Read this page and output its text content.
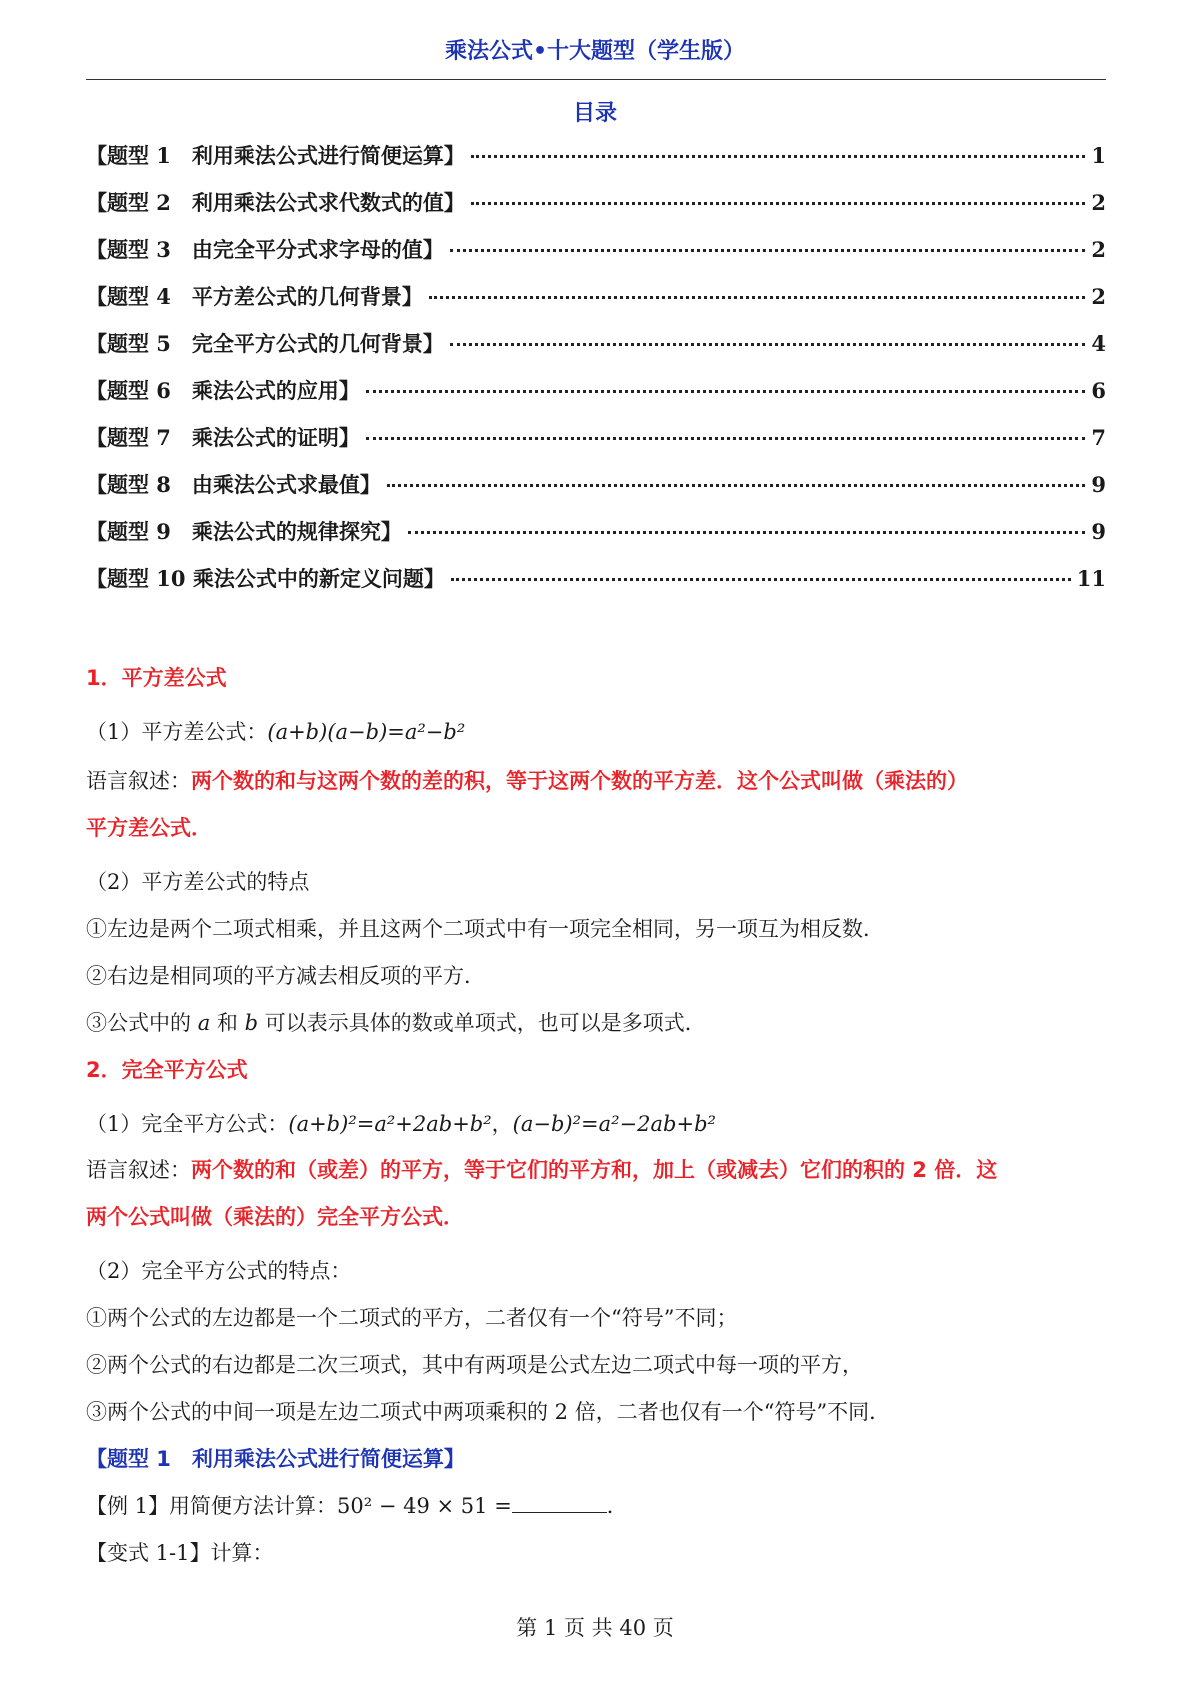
乘法公式•十大题型（学生版）
目录
【题型 1　利用乘法公式进行简便运算】	1
【题型 2　利用乘法公式求代数式的值】	2
【题型 3　由完全平分式求字母的值】	2
【题型 4　平方差公式的几何背景】	2
【题型 5　完全平方公式的几何背景】	4
【题型 6　乘法公式的应用】	6
【题型 7　乘法公式的证明】	7
【题型 8　由乘法公式求最值】	9
【题型 9　乘法公式的规律探究】	9
【题型 10 乘法公式中的新定义问题】	11
1．平方差公式
（1）平方差公式：(a+b)(a−b)=a²−b²
语言叙述：两个数的和与这两个数的差的积，等于这两个数的平方差．这个公式叫做（乘法的）
平方差公式．
（2）平方差公式的特点
①左边是两个二项式相乘，并且这两个二项式中有一项完全相同，另一项互为相反数．
②右边是相同项的平方减去相反项的平方．
③公式中的 a 和 b 可以表示具体的数或单项式，也可以是多项式．
2．完全平方公式
（1）完全平方公式：(a+b)²=a²+2ab+b²，(a−b)²=a²−2ab+b²
语言叙述：两个数的和（或差）的平方，等于它们的平方和，加上（或减去）它们的积的 2 倍．这
两个公式叫做（乘法的）完全平方公式．
（2）完全平方公式的特点：
①两个公式的左边都是一个二项式的平方，二者仅有一个“符号”不同；
②两个公式的右边都是二次三项式，其中有两项是公式左边二项式中每一项的平方，
③两个公式的中间一项是左边二项式中两项乘积的 2 倍，二者也仅有一个“符号”不同．
【题型 1　利用乘法公式进行简便运算】
【例 1】用简便方法计算：50² − 49 × 51 =	．
【变式 1-1】计算：
第 1 页 共 40 页
